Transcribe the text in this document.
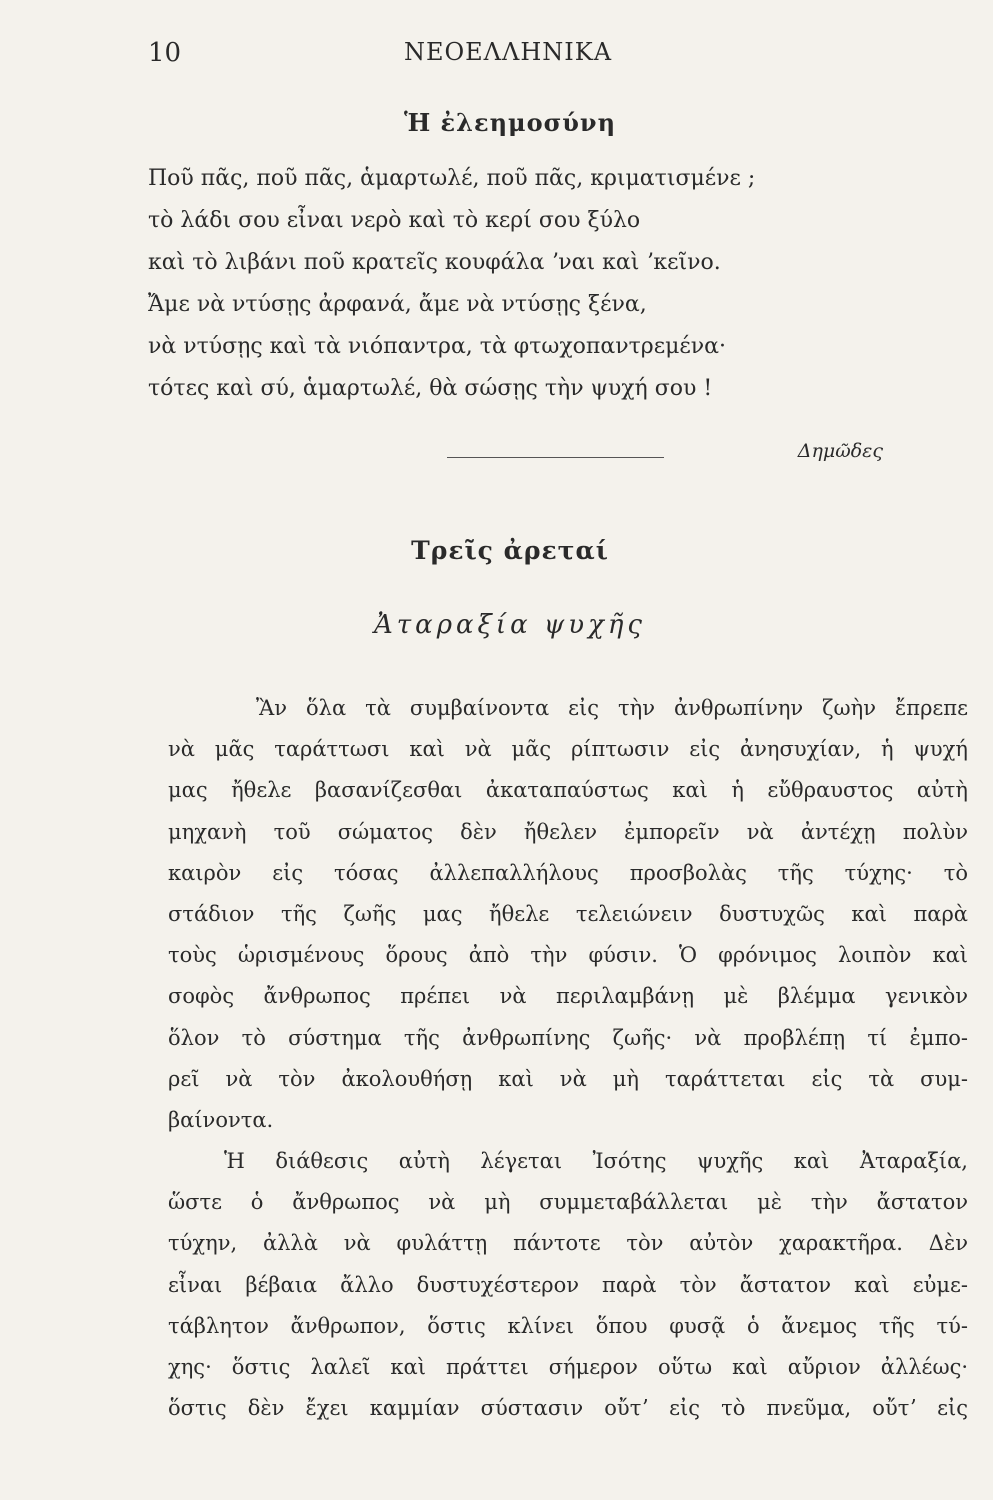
10	ΝΕΟΕΛΛΗΝΙΚΑ
Ἡ ἐλεημοσύνη
Ποῦ πᾶς, ποῦ πᾶς, ἁμαρτωλέ, ποῦ πᾶς, κριματισμένε ;
τὸ λάδι σου εἶναι νερὸ καὶ τὸ κερί σου ξύλο
καὶ τὸ λιβάνι ποῦ κρατεῖς κουφάλα ʼναι καὶ ʼκεῖνο.
Ἄμε νὰ ντύσῃς ἀρφανά, ἄμε νὰ ντύσῃς ξένα,
νὰ ντύσῃς καὶ τὰ νιόπαντρα, τὰ φτωχοπαντρεμένα·
τότες καὶ σύ, ἁμαρτωλέ, θὰ σώσῃς τὴν ψυχή σου !
Δημῶδες
Τρεῖς ἀρεταί
Ἀταραξία ψυχῆς
Ἂν ὅλα τὰ συμβαίνοντα εἰς τὴν ἀνθρωπίνην ζωὴν ἔπρεπε
νὰ μᾶς ταράττωσι καὶ νὰ μᾶς ρίπτωσιν εἰς ἀνησυχίαν, ἡ ψυχή
μας ἤθελε βασανίζεσθαι ἀκαταπαύστως καὶ ἡ εὔθραυστος αὐτὴ
μηχανὴ τοῦ σώματος δὲν ἤθελεν ἐμπορεῖν νὰ ἀντέχῃ πολὺν
καιρὸν εἰς τόσας ἀλλεπαλλήλους προσβολὰς τῆς τύχης· τὸ
στάδιον τῆς ζωῆς μας ἤθελε τελειώνειν δυστυχῶς καὶ παρὰ
τοὺς ὡρισμένους ὅρους ἀπὸ τὴν φύσιν. Ὁ φρόνιμος λοιπὸν καὶ
σοφὸς ἄνθρωπος πρέπει νὰ περιλαμβάνῃ μὲ βλέμμα γενικὸν
ὅλον τὸ σύστημα τῆς ἀνθρωπίνης ζωῆς· νὰ προβλέπῃ τί ἐμπο-
ρεῖ νὰ τὸν ἀκολουθήσῃ καὶ νὰ μὴ ταράττεται εἰς τὰ συμ-
βαίνοντα.
Ἡ διάθεσις αὐτὴ λέγεται Ἰσότης ψυχῆς καὶ Ἀταραξία,
ὥστε ὁ ἄνθρωπος νὰ μὴ συμμεταβάλλεται μὲ τὴν ἄστατον
τύχην, ἀλλὰ νὰ φυλάττῃ πάντοτε τὸν αὐτὸν χαρακτῆρα. Δὲν
εἶναι βέβαια ἄλλο δυστυχέστερον παρὰ τὸν ἄστατον καὶ εὐμε-
τάβλητον ἄνθρωπον, ὅστις κλίνει ὅπου φυσᾷ ὁ ἄνεμος τῆς τύ-
χης· ὅστις λαλεῖ καὶ πράττει σήμερον οὕτω καὶ αὔριον ἀλλέως·
ὅστις δὲν ἔχει καμμίαν σύστασιν οὔτʼ εἰς τὸ πνεῦμα, οὔτʼ εἰς
